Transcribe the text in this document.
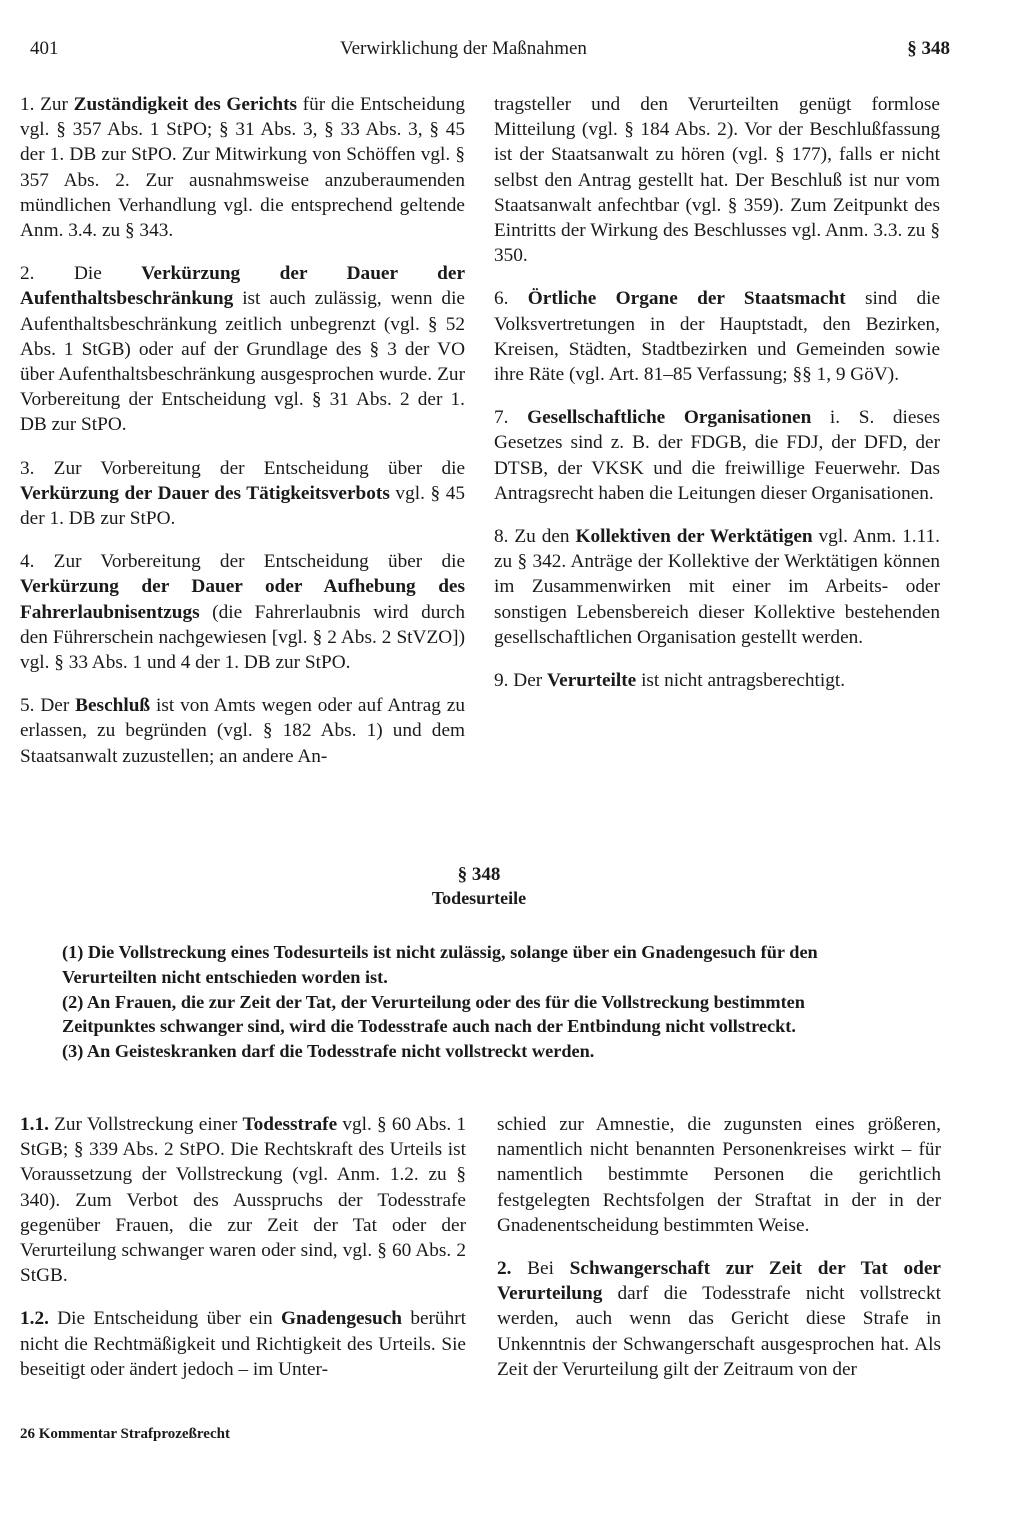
401	Verwirklichung der Maßnahmen	§ 348

1. Zur Zuständigkeit des Gerichts für die Entscheidung vgl. § 357 Abs. 1 StPO; § 31 Abs. 3, § 33 Abs. 3, § 45 der 1. DB zur StPO. Zur Mitwirkung von Schöffen vgl. § 357 Abs. 2. Zur ausnahmsweise anzuberaumenden mündlichen Verhandlung vgl. die entsprechend geltende Anm. 3.4. zu § 343.

2. Die Verkürzung der Dauer der Aufenthaltsbeschränkung ist auch zulässig, wenn die Aufenthaltsbeschränkung zeitlich unbegrenzt (vgl. § 52 Abs. 1 StGB) oder auf der Grundlage des § 3 der VO über Aufenthaltsbeschränkung ausgesprochen wurde. Zur Vorbereitung der Entscheidung vgl. § 31 Abs. 2 der 1. DB zur StPO.

3. Zur Vorbereitung der Entscheidung über die Verkürzung der Dauer des Tätigkeitsverbots vgl. § 45 der 1. DB zur StPO.

4. Zur Vorbereitung der Entscheidung über die Verkürzung der Dauer oder Aufhebung des Fahrerlaubnisentzugs (die Fahrerlaubnis wird durch den Führerschein nachgewiesen [vgl. § 2 Abs. 2 StVZO]) vgl. § 33 Abs. 1 und 4 der 1. DB zur StPO.

5. Der Beschluß ist von Amts wegen oder auf Antrag zu erlassen, zu begründen (vgl. § 182 Abs. 1) und dem Staatsanwalt zuzustellen; an andere An-

tragsteller und den Verurteilten genügt formlose Mitteilung (vgl. § 184 Abs. 2). Vor der Beschlußfassung ist der Staatsanwalt zu hören (vgl. § 177), falls er nicht selbst den Antrag gestellt hat. Der Beschluß ist nur vom Staatsanwalt anfechtbar (vgl. § 359). Zum Zeitpunkt des Eintritts der Wirkung des Beschlusses vgl. Anm. 3.3. zu § 350.

6. Örtliche Organe der Staatsmacht sind die Volksvertretungen in der Hauptstadt, den Bezirken, Kreisen, Städten, Stadtbezirken und Gemeinden sowie ihre Räte (vgl. Art. 81–85 Verfassung; §§ 1, 9 GöV).

7. Gesellschaftliche Organisationen i. S. dieses Gesetzes sind z. B. der FDGB, die FDJ, der DFD, der DTSB, der VKSK und die freiwillige Feuerwehr. Das Antragsrecht haben die Leitungen dieser Organisationen.

8. Zu den Kollektiven der Werktätigen vgl. Anm. 1.11. zu § 342. Anträge der Kollektive der Werktätigen können im Zusammenwirken mit einer im Arbeits- oder sonstigen Lebensbereich dieser Kollektive bestehenden gesellschaftlichen Organisation gestellt werden.

9. Der Verurteilte ist nicht antragsberechtigt.

§ 348
Todesurteile
(1) Die Vollstreckung eines Todesurteils ist nicht zulässig, solange über ein Gnadengesuch für den Verurteilten nicht entschieden worden ist.
(2) An Frauen, die zur Zeit der Tat, der Verurteilung oder des für die Vollstreckung bestimmten Zeitpunktes schwanger sind, wird die Todesstrafe auch nach der Entbindung nicht vollstreckt.
(3) An Geisteskranken darf die Todesstrafe nicht vollstreckt werden.

1.1. Zur Vollstreckung einer Todesstrafe vgl. § 60 Abs. 1 StGB; § 339 Abs. 2 StPO. Die Rechtskraft des Urteils ist Voraussetzung der Vollstreckung (vgl. Anm. 1.2. zu § 340). Zum Verbot des Ausspruchs der Todesstrafe gegenüber Frauen, die zur Zeit der Tat oder der Verurteilung schwanger waren oder sind, vgl. § 60 Abs. 2 StGB.

1.2. Die Entscheidung über ein Gnadengesuch berührt nicht die Rechtmäßigkeit und Richtigkeit des Urteils. Sie beseitigt oder ändert jedoch – im Unter-

schied zur Amnestie, die zugunsten eines größeren, namentlich nicht benannten Personenkreises wirkt – für namentlich bestimmte Personen die gerichtlich festgelegten Rechtsfolgen der Straftat in der in der Gnadenentscheidung bestimmten Weise.

2. Bei Schwangerschaft zur Zeit der Tat oder Verurteilung darf die Todesstrafe nicht vollstreckt werden, auch wenn das Gericht diese Strafe in Unkenntnis der Schwangerschaft ausgesprochen hat. Als Zeit der Verurteilung gilt der Zeitraum von der

26 Kommentar Strafprozeßrecht
